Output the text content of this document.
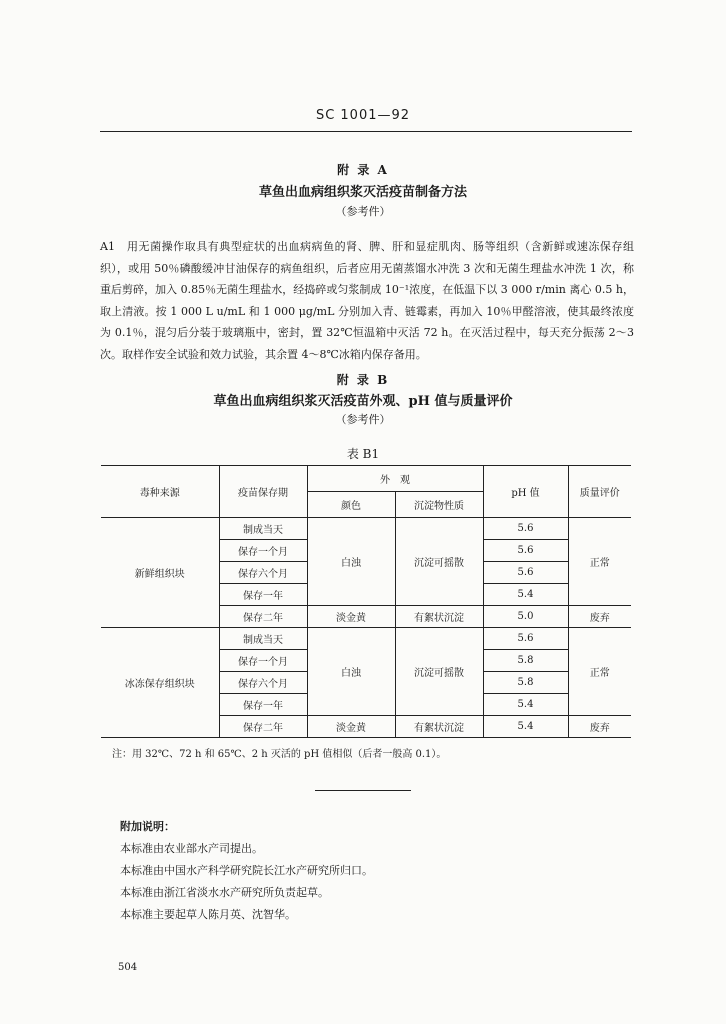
SC 1001—92
附 录 A
草鱼出血病组织浆灭活疫苗制备方法
（参考件）
A1　用无菌操作取具有典型症状的出血病病鱼的肾、脾、肝和显症肌肉、肠等组织（含新鲜或速冻保存组织），或用 50％磷酸缓冲甘油保存的病鱼组织，后者应用无菌蒸馏水冲洗 3 次和无菌生理盐水冲洗 1 次，称重后剪碎，加入 0.85％无菌生理盐水，经捣碎或匀浆制成 10⁻¹浓度，在低温下以 3 000 r/min 离心 0.5 h，取上清液。按 1 000 L u/mL 和 1 000 μg/mL 分别加入青、链霉素，再加入 10％甲醛溶液，使其最终浓度为 0.1％，混匀后分装于玻璃瓶中，密封，置 32℃恒温箱中灭活 72 h。在灭活过程中，每天充分振荡 2～3 次。取样作安全试验和效力试验，其余置 4～8℃冰箱内保存备用。
附 录 B
草鱼出血病组织浆灭活疫苗外观、pH 值与质量评价
（参考件）
表 B1
毒种来源	疫苗保存期	外　观		pH 值	质量评价
		颜色	沉淀物性质		
新鲜组织块	制成当天	白浊	沉淀可摇散	5.6	正常
	保存一个月			5.6	
	保存六个月			5.6	
	保存一年			5.4	
	保存二年	淡金黄	有絮状沉淀	5.0	废弃
冰冻保存组织块	制成当天	白浊	沉淀可摇散	5.6	正常
	保存一个月			5.8	
	保存六个月			5.8	
	保存一年			5.4	
	保存二年	淡金黄	有絮状沉淀	5.4	废弃
注：用 32℃、72 h 和 65℃、2 h 灭活的 pH 值相似（后者一般高 0.1）。
附加说明：
本标准由农业部水产司提出。
本标准由中国水产科学研究院长江水产研究所归口。
本标准由浙江省淡水水产研究所负责起草。
本标准主要起草人陈月英、沈智华。
504
